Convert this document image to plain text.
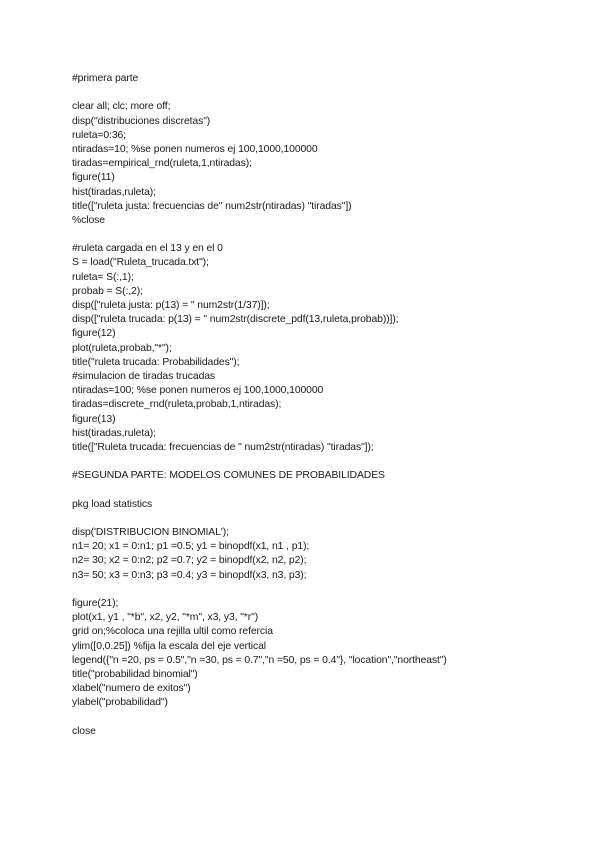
#primera parte
clear all; clc; more off;
disp("distribuciones discretas")
ruleta=0:36;
ntiradas=10; %se ponen numeros ej 100,1000,100000
tiradas=empirical_rnd(ruleta,1,ntiradas);
figure(11)
hist(tiradas,ruleta);
title(["ruleta justa: frecuencias de" num2str(ntiradas) "tiradas"])
%close
#ruleta cargada en el 13 y en el 0
S = load("Ruleta_trucada.txt");
ruleta= S(:,1);
probab = S(:,2);
disp(["ruleta justa: p(13) = " num2str(1/37)]);
disp(["ruleta trucada: p(13) = " num2str(discrete_pdf(13,ruleta,probab))]);
figure(12)
plot(ruleta,probab,"*");
title("ruleta trucada: Probabilidades");
#simulacion de tiradas trucadas
ntiradas=100; %se ponen numeros ej 100,1000,100000
tiradas=discrete_rnd(ruleta,probab,1,ntiradas);
figure(13)
hist(tiradas,ruleta);
title(["Ruleta trucada: frecuencias de " num2str(ntiradas) "tiradas"]);
#SEGUNDA PARTE: MODELOS COMUNES DE PROBABILIDADES
pkg load statistics
disp('DISTRIBUCION BINOMIAL');
n1= 20; x1 = 0:n1; p1 =0.5; y1 = binopdf(x1, n1 , p1);
n2= 30; x2 = 0:n2; p2 =0.7; y2 = binopdf(x2, n2, p2);
n3= 50; x3 = 0:n3; p3 =0.4; y3 = binopdf(x3, n3, p3);
figure(21);
plot(x1, y1 , "*b", x2, y2, "*m", x3, y3, "*r")
grid on;%coloca una rejilla ultil como refercia
ylim([0,0.25]) %fija la escala del eje vertical
legend({"n =20, ps = 0.5","n =30, ps = 0.7","n =50, ps = 0.4"}, "location","northeast")
title("probabilidad binomial")
xlabel("numero de exitos")
ylabel("probabilidad")
close
